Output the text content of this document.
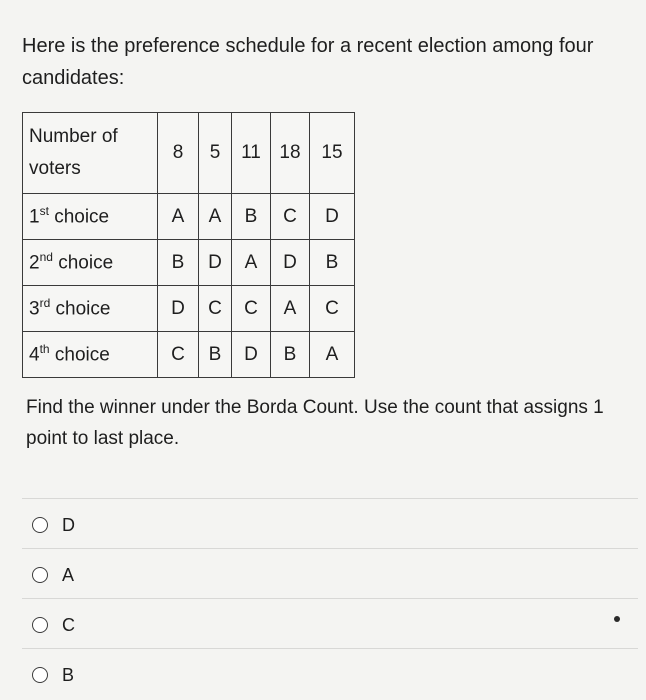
Here is the preference schedule for a recent election among four candidates:
Number of
voters	8	5	11	18	15
1st choice	A	A	B	C	D
2nd choice	B	D	A	D	B
3rd choice	D	C	C	A	C
4th choice	C	B	D	B	A
Find the winner under the Borda Count. Use the count that assigns 1 point to last place.
D
A
C
B
